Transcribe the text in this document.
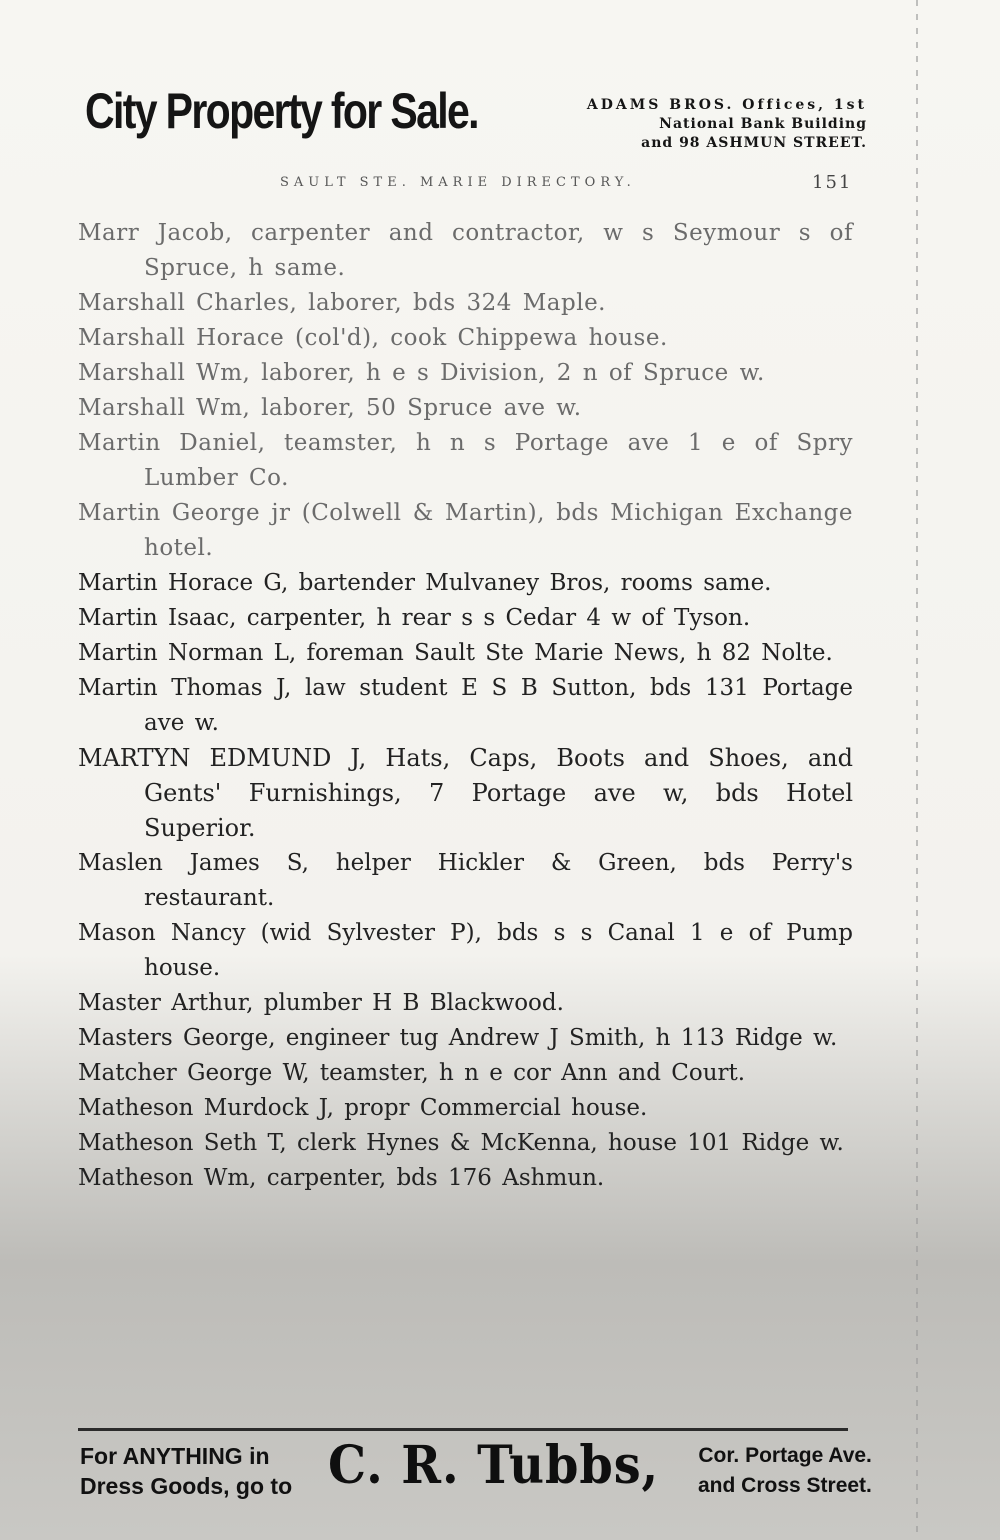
City Property for Sale.	ADAMS BROS. Offices, 1st
National Bank Building
and 98 ASHMUN STREET.
SAULT STE. MARIE DIRECTORY.	151
Marr Jacob, carpenter and contractor, w s Seymour s of Spruce, h same.
Marshall Charles, laborer, bds 324 Maple.
Marshall Horace (col'd), cook Chippewa house.
Marshall Wm, laborer, h e s Division, 2 n of Spruce w.
Marshall Wm, laborer, 50 Spruce ave w.
Martin Daniel, teamster, h n s Portage ave 1 e of Spry Lumber Co.
Martin George jr (Colwell & Martin), bds Michigan Exchange hotel.
Martin Horace G, bartender Mulvaney Bros, rooms same.
Martin Isaac, carpenter, h rear s s Cedar 4 w of Tyson.
Martin Norman L, foreman Sault Ste Marie News, h 82 Nolte.
Martin Thomas J, law student E S B Sutton, bds 131 Portage ave w.
MARTYN EDMUND J, Hats, Caps, Boots and Shoes, and Gents' Furnishings, 7 Portage ave w, bds Hotel Superior.
Maslen James S, helper Hickler & Green, bds Perry's restaurant.
Mason Nancy (wid Sylvester P), bds s s Canal 1 e of Pump house.
Master Arthur, plumber H B Blackwood.
Masters George, engineer tug Andrew J Smith, h 113 Ridge w.
Matcher George W, teamster, h n e cor Ann and Court.
Matheson Murdock J, propr Commercial house.
Matheson Seth T, clerk Hynes & McKenna, house 101 Ridge w.
Matheson Wm, carpenter, bds 176 Ashmun.
For ANYTHING in
Dress Goods, go to C. R. Tubbs, Cor. Portage Ave.
and Cross Street.
